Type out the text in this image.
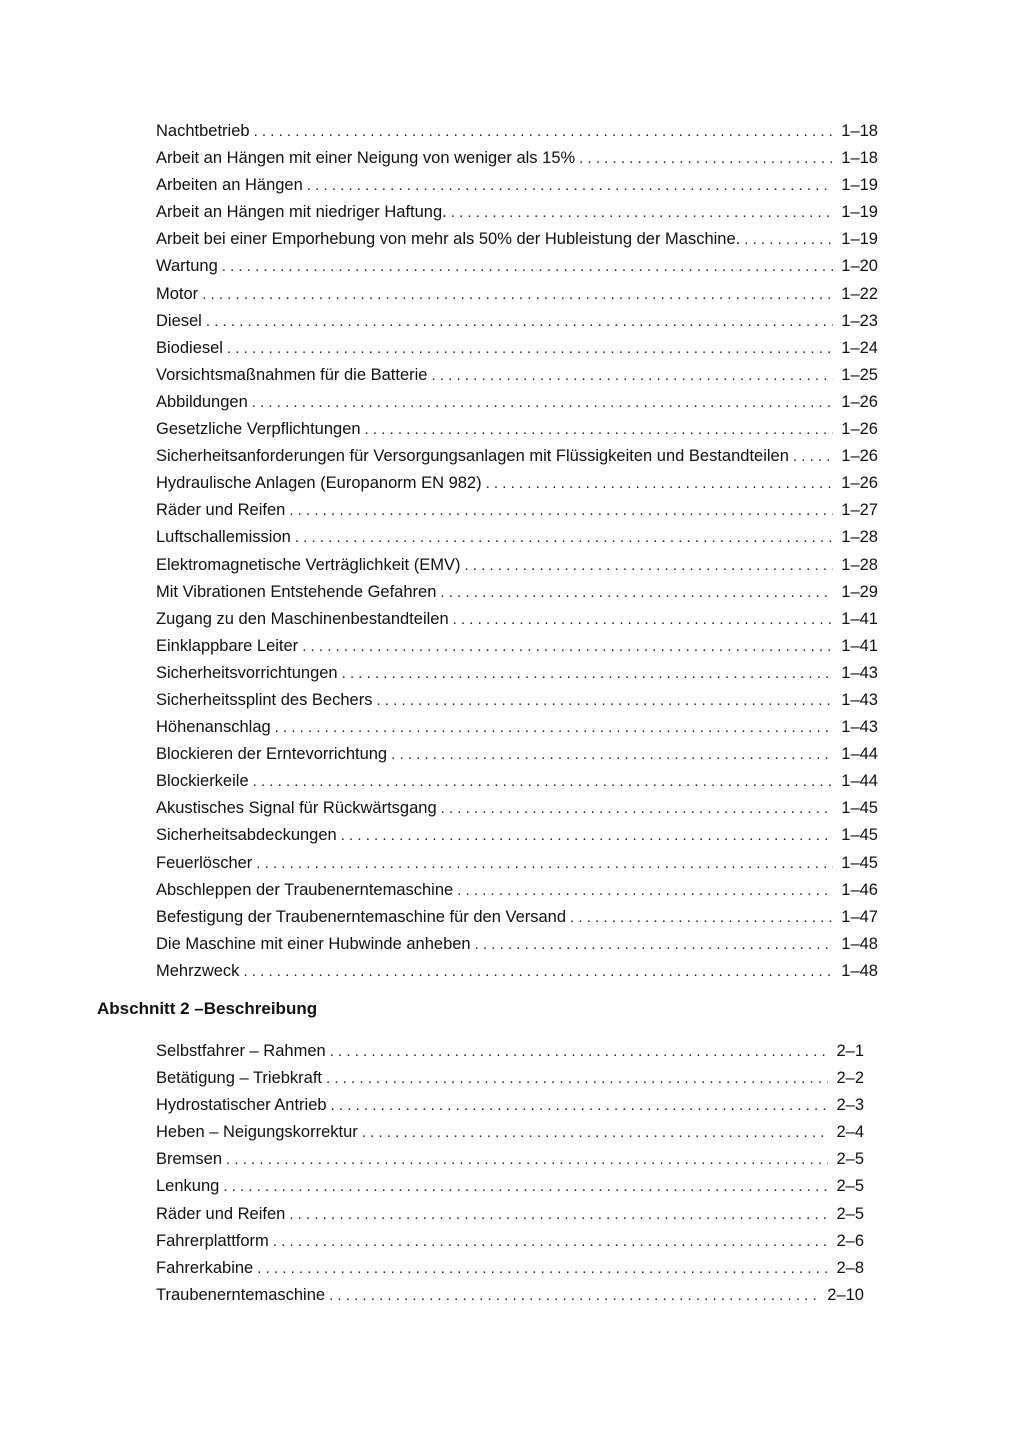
Nachtbetrieb . . .	1–18
Arbeit an Hängen mit einer Neigung von weniger als 15% . . .	1–18
Arbeiten an Hängen . . .	1–19
Arbeit an Hängen mit niedriger Haftung. . . .	1–19
Arbeit bei einer Emporhebung von mehr als 50% der Hubleistung der Maschine. . . .	1–19
Wartung . . .	1–20
Motor . . .	1–22
Diesel . . .	1–23
Biodiesel . . .	1–24
Vorsichtsmaßnahmen für die Batterie . . .	1–25
Abbildungen . . .	1–26
Gesetzliche Verpflichtungen . . .	1–26
Sicherheitsanforderungen für Versorgungsanlagen mit Flüssigkeiten und Bestandteilen . . .	1–26
Hydraulische Anlagen (Europanorm EN 982) . . .	1–26
Räder und Reifen . . .	1–27
Luftschallemission . . .	1–28
Elektromagnetische Verträglichkeit (EMV) . . .	1–28
Mit Vibrationen Entstehende Gefahren . . .	1–29
Zugang zu den Maschinenbestandteilen . . .	1–41
Einklappbare Leiter . . .	1–41
Sicherheitsvorrichtungen . . .	1–43
Sicherheitssplint des Bechers . . .	1–43
Höhenanschlag . . .	1–43
Blockieren der Erntevorrichtung . . .	1–44
Blockierkeile . . .	1–44
Akustisches Signal für Rückwärtsgang . . .	1–45
Sicherheitsabdeckungen . . .	1–45
Feuerlöscher . . .	1–45
Abschleppen der Traubenerntemaschine . . .	1–46
Befestigung der Traubenerntemaschine für den Versand . . .	1–47
Die Maschine mit einer Hubwinde anheben . . .	1–48
Mehrzweck . . .	1–48
Abschnitt 2 –Beschreibung
Selbstfahrer – Rahmen . . .	2–1
Betätigung – Triebkraft . . .	2–2
Hydrostatischer Antrieb . . .	2–3
Heben – Neigungskorrektur . . .	2–4
Bremsen . . .	2–5
Lenkung . . .	2–5
Räder und Reifen . . .	2–5
Fahrerplattform . . .	2–6
Fahrerkabine . . .	2–8
Traubenerntemaschine . . .	2–10
